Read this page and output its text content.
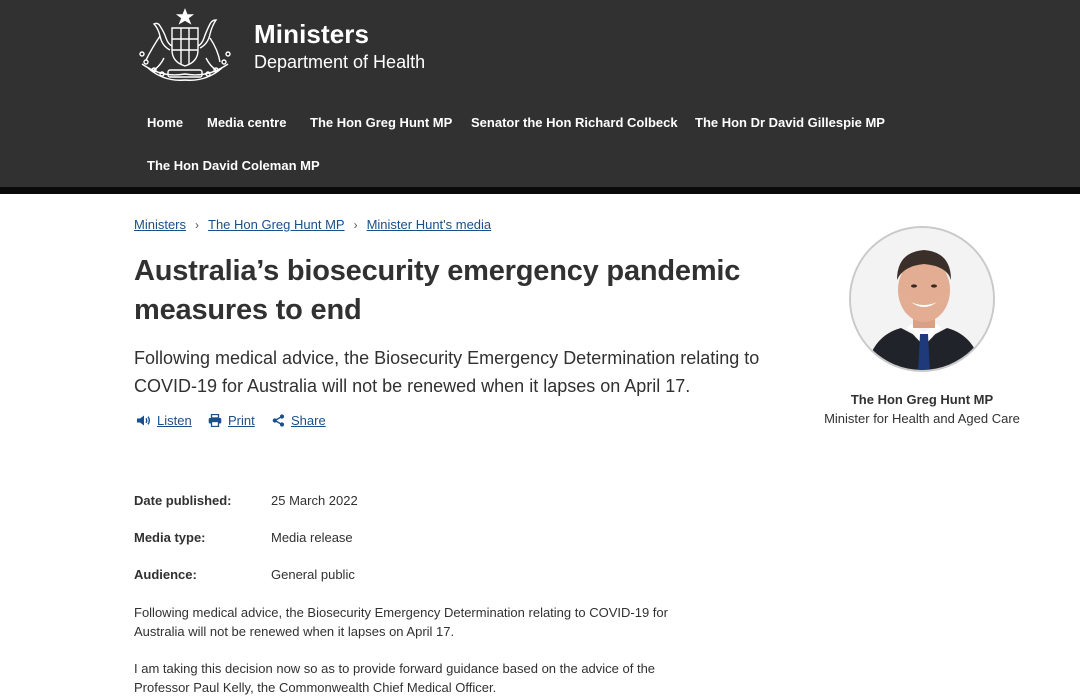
Ministers
Department of Health
Home Media centre The Hon Greg Hunt MP Senator the Hon Richard Colbeck The Hon Dr David Gillespie MP
The Hon David Coleman MP
Ministers › The Hon Greg Hunt MP › Minister Hunt's media
Australia’s biosecurity emergency pandemic measures to end

Following medical advice, the Biosecurity Emergency Determination relating to COVID-19 for Australia will not be renewed when it lapses on April 17.

Listen	Print	Share
Date published:	25 March 2022
Media type:	Media release
Audience:	General public

Following medical advice, the Biosecurity Emergency Determination relating to COVID-19 for Australia will not be renewed when it lapses on April 17.

I am taking this decision now so as to provide forward guidance based on the advice of the Professor Paul Kelly, the Commonwealth Chief Medical Officer.

The Hon Greg Hunt MP
Minister for Health and Aged Care
